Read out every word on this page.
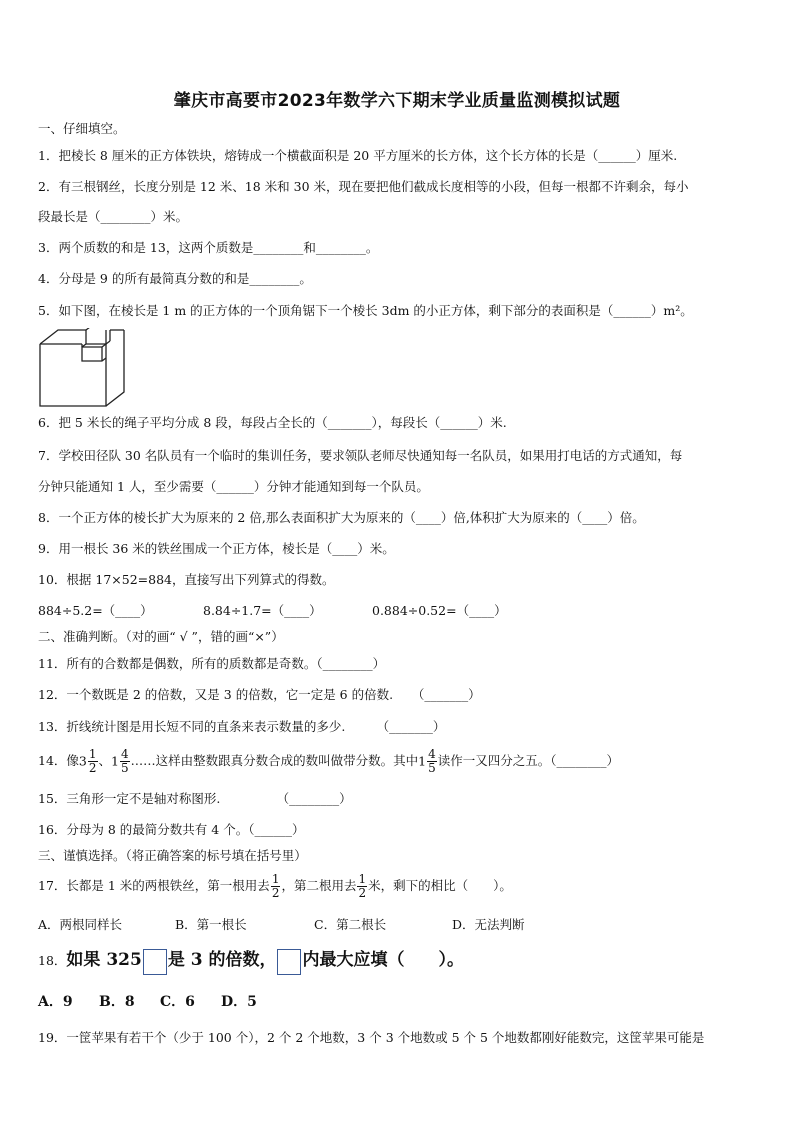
肇庆市高要市2023年数学六下期末学业质量监测模拟试题
一、仔细填空。
1．把棱长 8 厘米的正方体铁块，熔铸成一个横截面积是 20 平方厘米的长方体，这个长方体的长是（______）厘米.
2．有三根钢丝，长度分别是 12 米、18 米和 30 米，现在要把他们截成长度相等的小段，但每一根都不许剩余，每小
段最长是（________）米。
3．两个质数的和是 13，这两个质数是________和________。
4．分母是 9 的所有最简真分数的和是________。
5．如下图，在棱长是 1 m 的正方体的一个顶角锯下一个棱长 3dm 的小正方体，剩下部分的表面积是（______）m²。
6．把 5 米长的绳子平均分成 8 段，每段占全长的（_______），每段长（______）米.
7．学校田径队 30 名队员有一个临时的集训任务，要求领队老师尽快通知每一名队员，如果用打电话的方式通知，每
分钟只能通知 1 人，至少需要（______）分钟才能通知到每一个队员。
8．一个正方体的棱长扩大为原来的 2 倍,那么表面积扩大为原来的（____）倍,体积扩大为原来的（____）倍。
9．用一根长 36 米的铁丝围成一个正方体，棱长是（____）米。
10．根据 17×52=884，直接写出下列算式的得数。
884÷5.2=（____）	8.84÷1.7=（____）	0.884÷0.52=（____）
二、准确判断。（对的画“ √ ”，错的画“×”）
11．所有的合数都是偶数，所有的质数都是奇数。（________）
12．一个数既是 2 的倍数，又是 3 的倍数，它一定是 6 的倍数.　　（_______）
13．折线统计图是用长短不同的直条来表示数量的多少.　　　（_______）
14．像$3 \frac{1}{2}$ 、$1 \frac{4}{5}$ ……这样由整数跟真分数合成的数叫做带分数。其中$1 \frac{4}{5}$ 读作一又四分之五。（________）
15．三角形一定不是轴对称图形.　　　　　（________）
16．分母为 8 的最简分数共有 4 个。（______）
三、谨慎选择。（将正确答案的标号填在括号里）
17．长都是 1 米的两根铁丝，第一根用去 $\frac{1}{2}$ ，第二根用去 $\frac{1}{2}$ 米，剩下的相比（　　）。
A．两根同样长	B．第一根长	C．第二根长	D．无法判断
18．如果 325 是 3 的倍数， 内最大应填（　　）。
A．9 B．8 C．6 D．5
19．一筐苹果有若干个（少于 100 个），2 个 2 个地数，3 个 3 个地数或 5 个 5 个地数都刚好能数完，这筐苹果可能是
